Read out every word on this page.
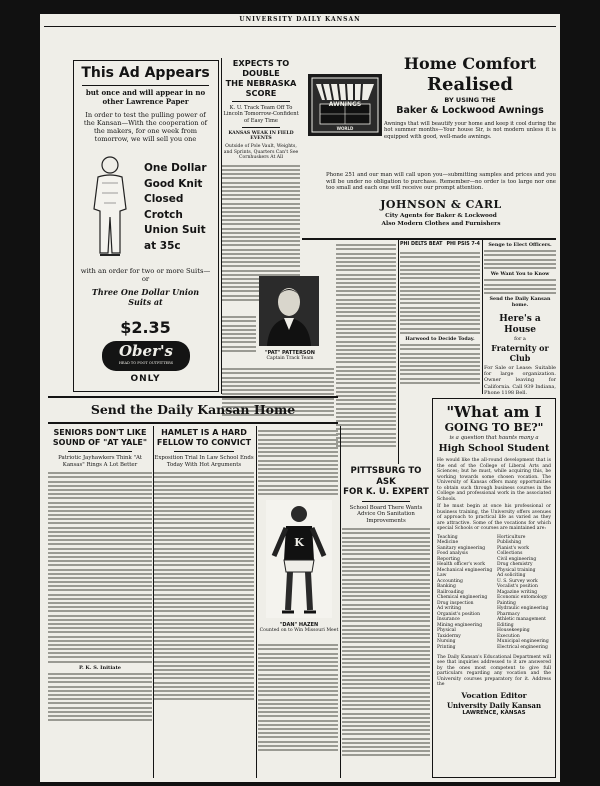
UNIVERSITY DAILY KANSAN
This Ad Appears
but once and will appear in no other Lawrence Paper
In order to test the pulling power of the Kansan—With the cooperation of the makers, for one week from tomorrow, we will sell you one
One Dollar
Good Knit
Closed
Crotch
Union Suit
at 35c
with an order for two or more Suits—or
Three One Dollar Union Suits at
$2.35
Ober's
HEAD TO FOOT OUTFITTERS
ONLY
EXPECTS TO DOUBLE
THE NEBRASKA SCORE
K. U. Track Team Off To Lincoln Tomorrow-Confident of Easy Time
KANSAS WEAK IN FIELD EVENTS
Outside of Pole Vault, Weights, and Sprints, Quarters Can't See Cornhuskers At All
"PAT" PATTERSON
Captain Track Team
AWNINGS
WORLD
Home Comfort
Realised
BY USING THE
Baker & Lockwood Awnings
Awnings that will beautify your home and keep it cool during the hot summer months—Your house Sir, is not modern unless it is equipped with good, well-made awnings.
Phone 251 and our man will call upon you—submitting samples and prices and you will be under no obligation to purchase. Remember—no order is too large nor one too small and each one will receive our prompt attention.
JOHNSON & CARL
City Agents for Baker & Lockwood
Also Modern Clothes and Furnishers
PHI DELTS BEAT PHI PSIS 7-4
Harwood to Decide Today.
Senge to Elect Officers.
We Want You to Know
Send the Daily Kansan home.
Here's a House
for a
Fraternity or Club
For Sale or Lease: Suitable for large organization. Owner leaving for California. Call 939 Indiana, Phone 1198 Bell.
Send the Daily Kansan Home
SENIORS DON'T LIKE
SOUND OF "AT YALE"
Patriotic Jayhawkers Think "At Kansas" Rings A Lot Better
P. K. S. Initiate
HAMLET IS A HARD
FELLOW TO CONVICT
Exposition Trial In Law School Ends Today With Hot Arguments
K
"DAN" HAZEN
Counted on to Win Missouri Meet
PITTSBURG TO ASK
FOR K. U. EXPERT
School Board There Wants Advice On Sanitation Improvements
"What am I
GOING TO BE?"
is a question that haunts many a
High School Student
He would like the all-round development that is the end of the College of Liberal Arts and Sciences; but he must, while acquiring this, be working towards some chosen vocation. The University of Kansas offers many opportunities to obtain such through business courses in the College and professional work in the associated Schools.
If he must begin at once his professional or business training, the University offers avenues of approach to practical life as varied as they are attractive. Some of the vocations for which special Schools or courses are maintained are:
Teaching
Medicine
Sanitary engineering
Food analysis
Reporting
Health officer's work
Mechanical engineering
Law
Accounting
Banking
Railroading
Chemical engineering
Drug inspection
Ad writing
Organist's position
Insurance
Mining engineering
Physical
Taxidermy
Nursing
Printing
Horticulture
Publishing
Pianist's work
Collections
Civil engineering
Drug chemistry
Physical training
Ad soliciting
U. S. Survey work
Vocalist's position
Magazine writing
Economic entomology
Painting
Hydraulic engineering
Pharmacy
Athletic management
Editing
Housekeeping
Execution
Municipal engineering
Electrical engineering
The Daily Kansan's Educational Department will see that inquiries addressed to it are answered by the ones most competent to give full particulars regarding any vocation and the University courses preparatory for it. Address the
Vocation Editor
University Daily Kansan
LAWRENCE, KANSAS
